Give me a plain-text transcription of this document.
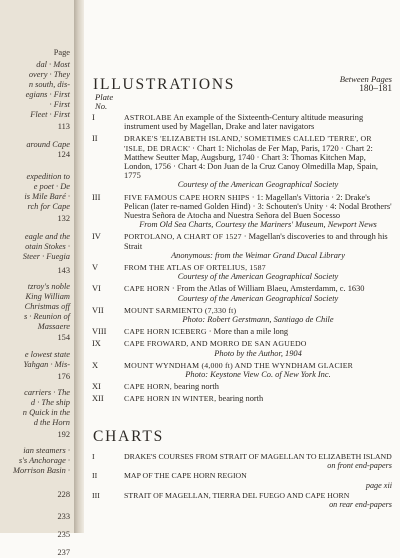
Page
dal · Most
overy · They
n south, dis-
egians · First
· First
Fleet · First
113
around Cape
124
expedition to
e poet · De
is Mile Baré ·
rch for Cape
132
eagle and the
otain Stokes ·
Steer · Fuegia
143
tzroy's noble
King William
Christmas off
s · Reunion of
Massaere
154
e lowest state
Yahgan · Mis-
176
carriers · The
d · The ship
n Quick in the
d the Horn
192
ian steamers ·
s's Anchorage ·
Morrison Basin ·
228
233
235
237
ILLUSTRATIONS	Between Pages
180–181
Plate
No.
I	ASTROLABE An example of the Sixteenth-Century altitude measuring instrument used by Magellan, Drake and later navigators
II	DRAKE'S 'ELIZABETH ISLAND,' SOMETIMES CALLED 'TERRE', OR 'ISLE, DE DRACK' · Chart 1: Nicholas de Fer Map, Paris, 1720 · Chart 2: Matthew Seutter Map, Augsburg, 1740 · Chart 3: Thomas Kitchen Map, London, 1756 · Chart 4: Don Juan de la Cruz Canoy Olmedilla Map, Spain, 1775
Courtesy of the American Geographical Society
III	FIVE FAMOUS CAPE HORN SHIPS · 1: Magellan's Vittoria · 2: Drake's Pelican (later re-named Golden Hind) · 3: Schouten's Unity · 4: Nodal Brothers' Nuestra Señora de Atocha and Nuestra Señora del Buen Socesso
From Old Sea Charts, Courtesy the Mariners' Museum, Newport News
IV	PORTOLANO, A CHART OF 1527 · Magellan's discoveries to and through his Strait
Anonymous: from the Weimar Grand Ducal Library
V	FROM THE ATLAS OF ORTELIUS, 1587
Courtesy of the American Geographical Society
VI	CAPE HORN · From the Atlas of William Blaeu, Amsterdamm, c. 1630
Courtesy of the American Geographical Society
VII	MOUNT SARMIENTO (7,330 ft)
Photo: Robert Gerstmann, Santiago de Chile
VIII	CAPE HORN ICEBERG · More than a mile long
IX	CAPE FROWARD, AND MORRO DE SAN AGUEDO
Photo by the Author, 1904
X	MOUNT WYNDHAM (4,000 ft) AND THE WYNDHAM GLACIER
Photo: Keystone View Co. of New York Inc.
XI	CAPE HORN, bearing north
XII	CAPE HORN IN WINTER, bearing north
CHARTS
I	DRAKE'S COURSES FROM STRAIT OF MAGELLAN TO ELIZABETH ISLAND
on front end-papers
II	MAP OF THE CAPE HORN REGION
page xii
III	STRAIT OF MAGELLAN, TIERRA DEL FUEGO AND CAPE HORN
on rear end-papers
